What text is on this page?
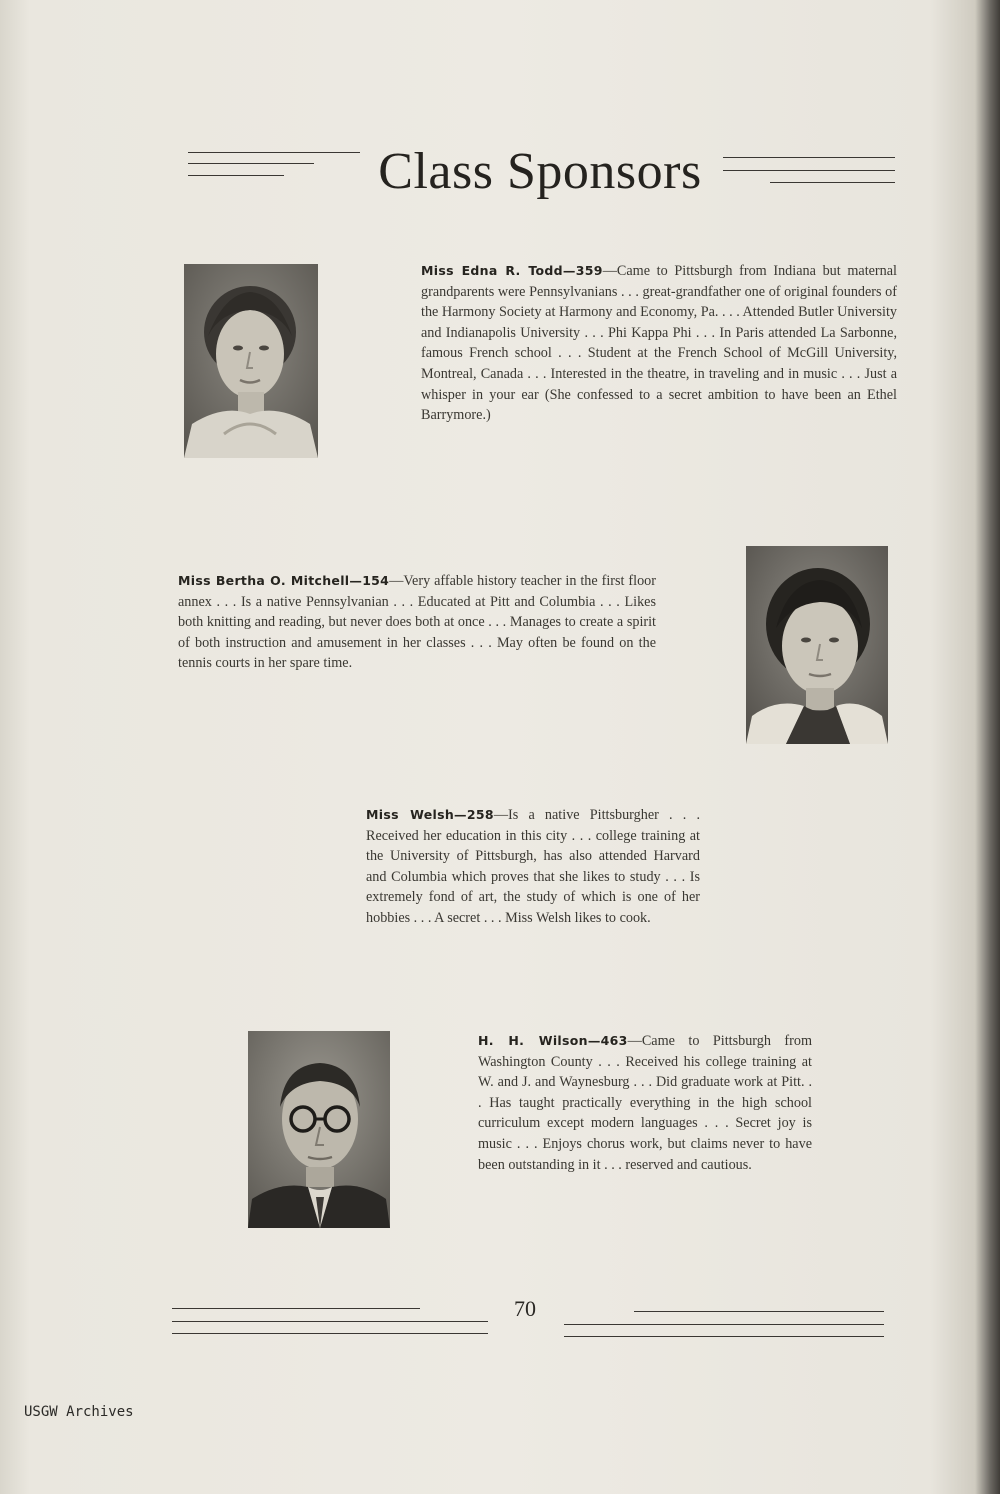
Class Sponsors

Miss Edna R. Todd—359—Came to Pittsburgh from Indiana but maternal grandparents were Pennsylvanians . . . great-grandfather one of original founders of the Harmony Society at Harmony and Economy, Pa. . . . Attended Butler University and Indianapolis University . . . Phi Kappa Phi . . . In Paris attended La Sarbonne, famous French school . . . Student at the French School of McGill University, Montreal, Canada . . . Interested in the theatre, in traveling and in music . . . Just a whisper in your ear (She confessed to a secret ambition to have been an Ethel Barrymore.)

Miss Bertha O. Mitchell—154—Very affable history teacher in the first floor annex . . . Is a native Pennsylvanian . . . Educated at Pitt and Columbia . . . Likes both knitting and reading, but never does both at once . . . Manages to create a spirit of both instruction and amusement in her classes . . . May often be found on the tennis courts in her spare time.

Miss Welsh—258—Is a native Pittsburgher . . . Received her education in this city . . . college training at the University of Pittsburgh, has also attended Harvard and Columbia which proves that she likes to study . . . Is extremely fond of art, the study of which is one of her hobbies . . . A secret . . . Miss Welsh likes to cook.

H. H. Wilson—463—Came to Pittsburgh from Washington County . . . Received his college training at W. and J. and Waynesburg . . . Did graduate work at Pitt. . . Has taught practically everything in the high school curriculum except modern languages . . . Secret joy is music . . . Enjoys chorus work, but claims never to have been outstanding in it . . . reserved and cautious.

70
USGW Archives
